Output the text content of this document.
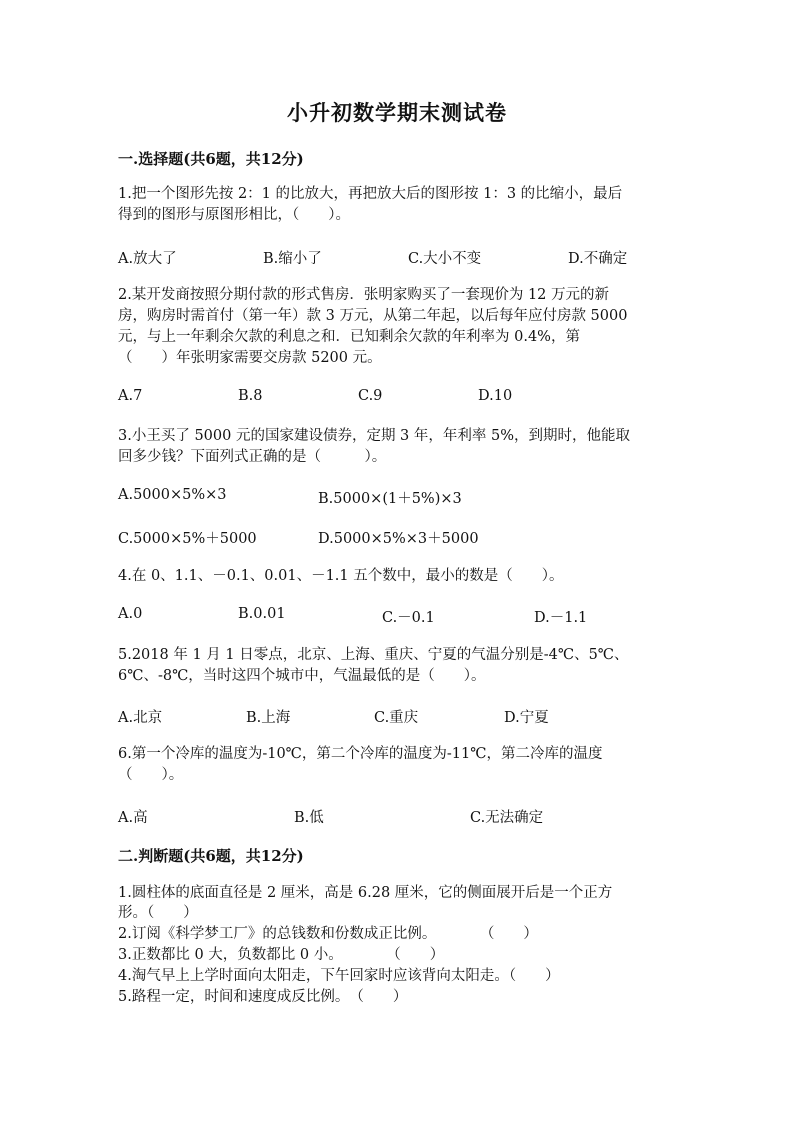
小升初数学期末测试卷
一.选择题(共6题，共12分)
1.把一个图形先按 2：1 的比放大，再把放大后的图形按 1：3 的比缩小，最后
得到的图形与原图形相比，（　　）。
A.放大了	B.缩小了	C.大小不变	D.不确定
2.某开发商按照分期付款的形式售房．张明家购买了一套现价为 12 万元的新
房，购房时需首付（第一年）款 3 万元，从第二年起，以后每年应付房款 5000
元，与上一年剩余欠款的利息之和．已知剩余欠款的年利率为 0.4%，第
（　　）年张明家需要交房款 5200 元。
A.7	B.8	C.9	D.10
3.小王买了 5000 元的国家建设债券，定期 3 年，年利率 5%，到期时，他能取
回多少钱？下面列式正确的是（　　　）。
A.5000×5%×3	B.5000×(1＋5%)×3
C.5000×5%＋5000	D.5000×5%×3＋5000
4.在 0、1.1、－0.1、0.01、－1.1 五个数中，最小的数是（　　）。
A.0	B.0.01	C.－0.1	D.－1.1
5.2018 年 1 月 1 日零点，北京、上海、重庆、宁夏的气温分别是-4℃、5℃、
6℃、-8℃，当时这四个城市中，气温最低的是（　　）。
A.北京	B.上海	C.重庆	D.宁夏
6.第一个冷库的温度为-10℃，第二个冷库的温度为-11℃，第二冷库的温度
（　　）。
A.高	B.低	C.无法确定
二.判断题(共6题，共12分)
1.圆柱体的底面直径是 2 厘米，高是 6.28 厘米，它的侧面展开后是一个正方
形。（　　）
2.订阅《科学梦工厂》的总钱数和份数成正比例。　　　　（　　）
3.正数都比 0 大，负数都比 0 小。　　　　（　　）
4.淘气早上上学时面向太阳走，下午回家时应该背向太阳走。（　　）
5.路程一定，时间和速度成反比例。　（　　）
